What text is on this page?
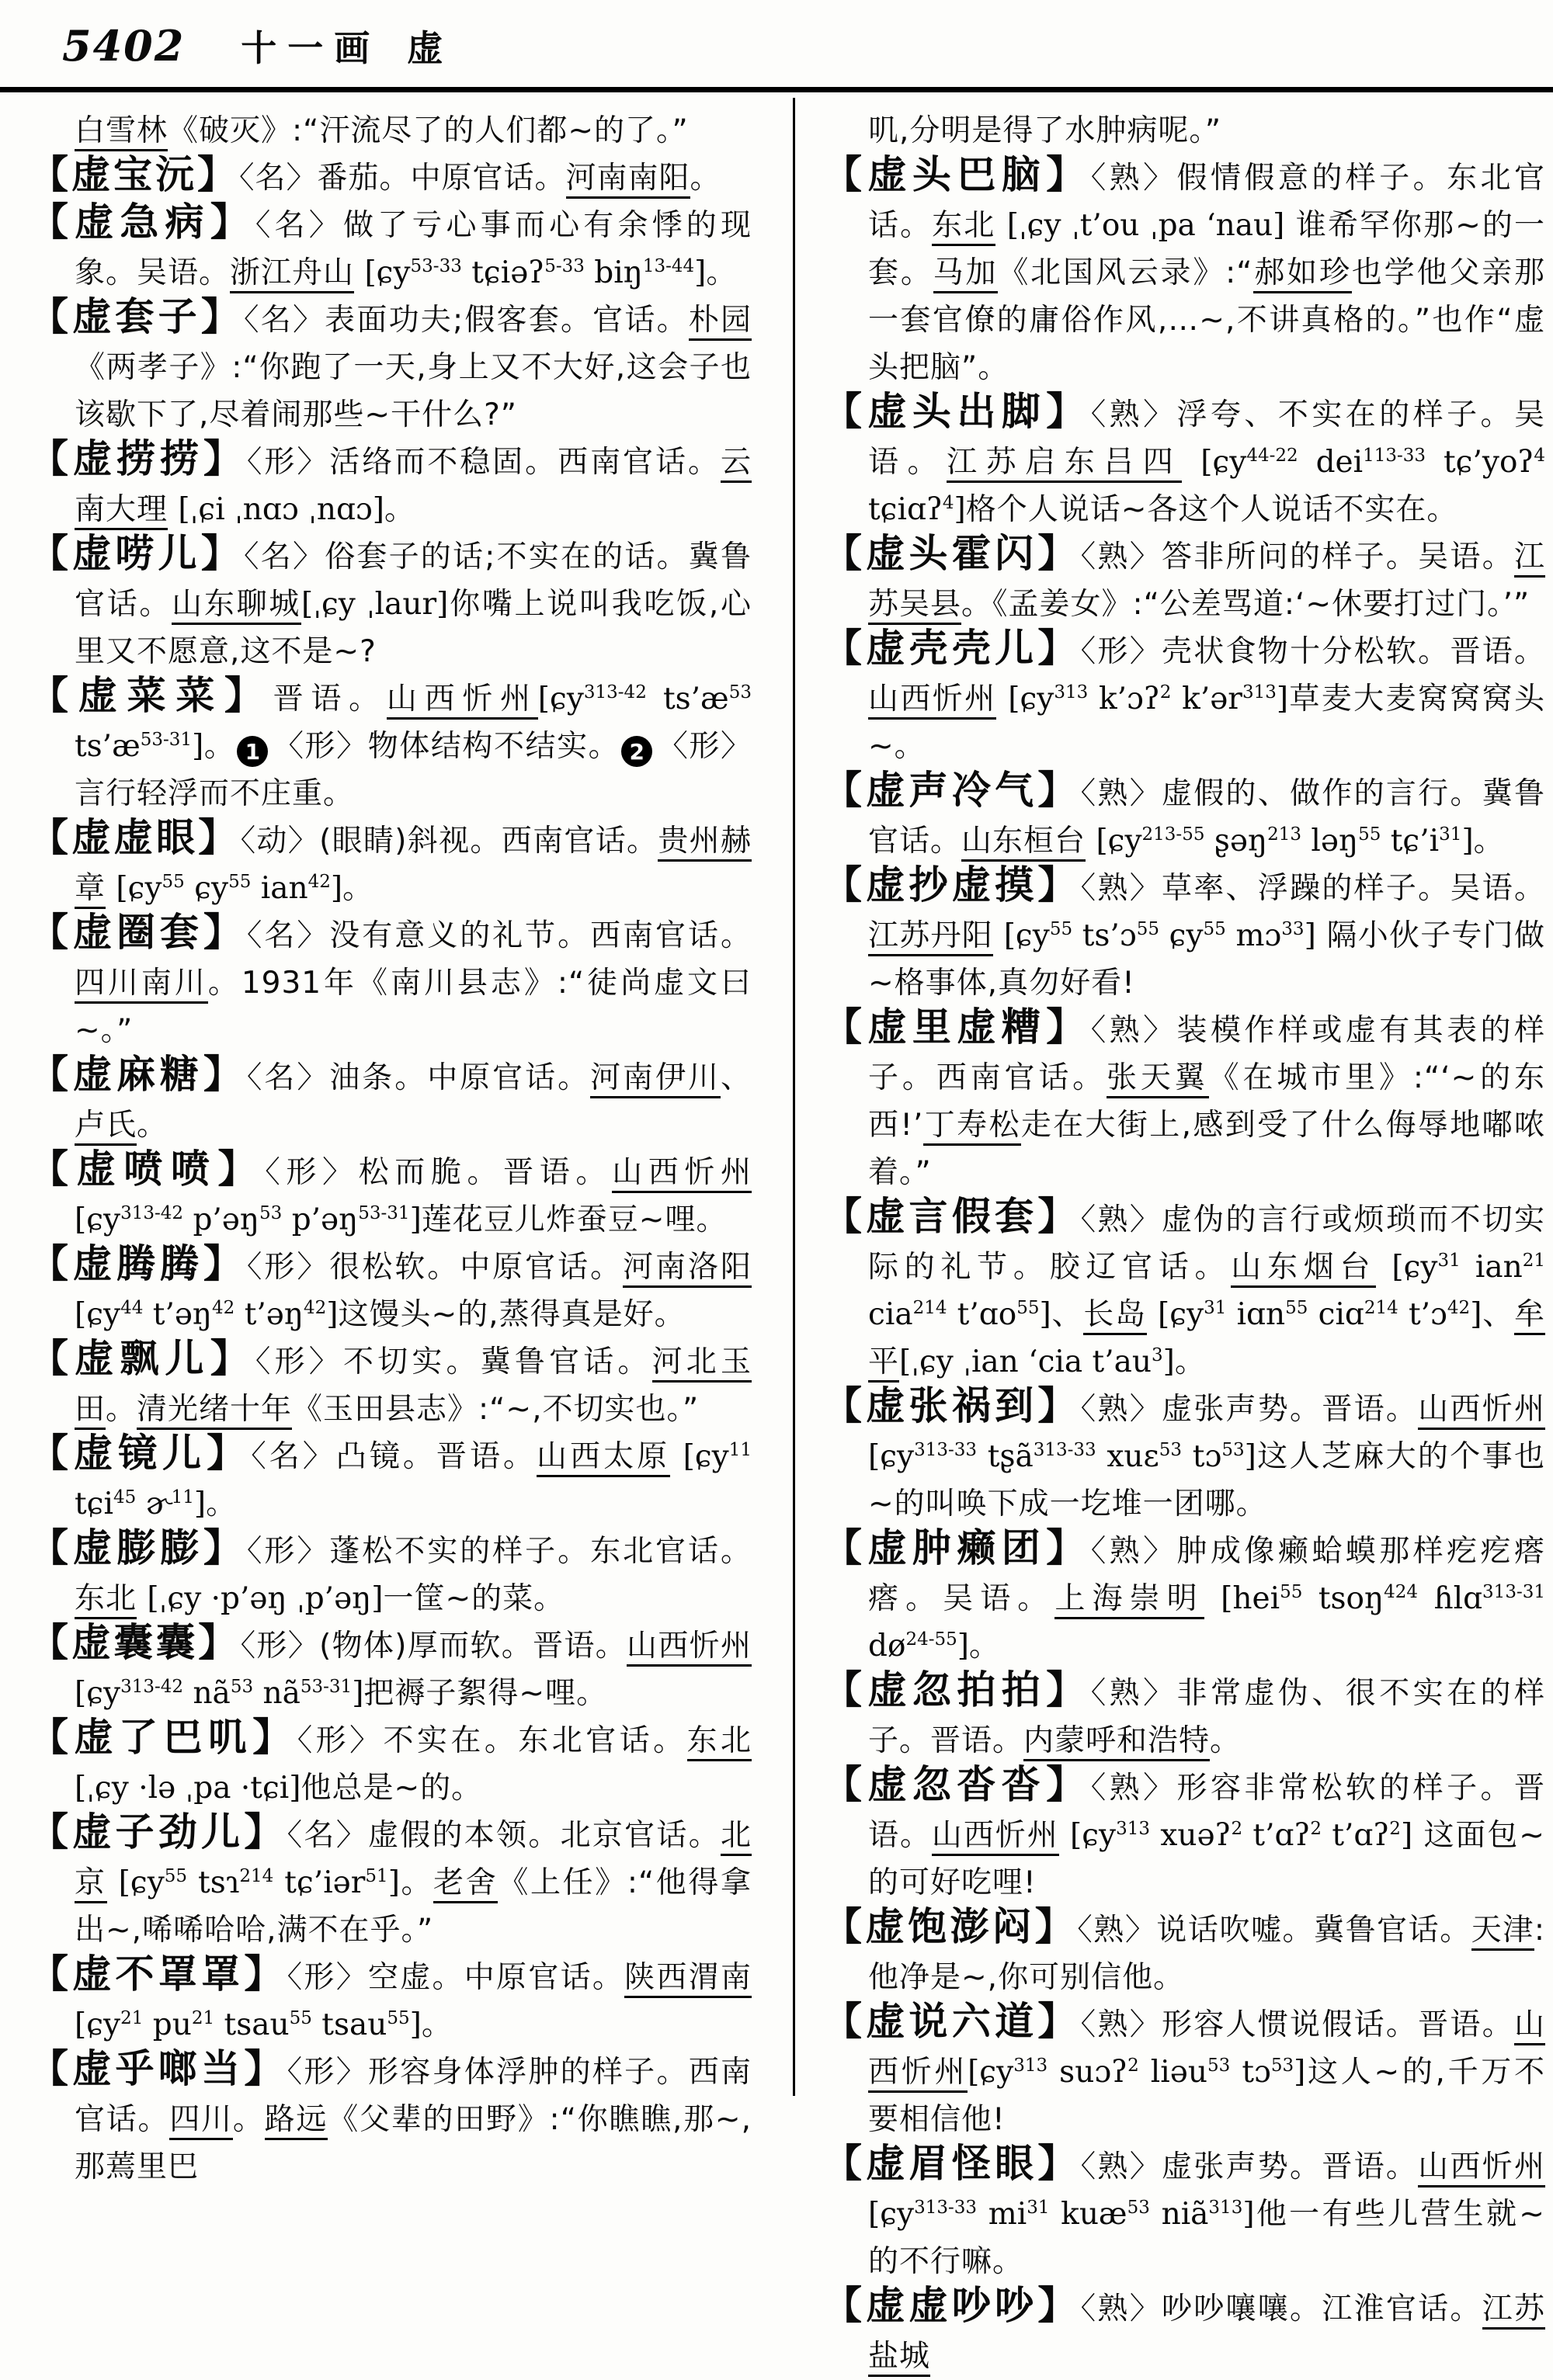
5402 十一画 虚
白雪林《破灭》:“汗流尽了的人们都~的了。”
【虚宝沅】〈名〉番茄。中原官话。河南南阳。
【虚急病】〈名〉做了亏心事而心有余悸的现象。吴语。浙江舟山 [ɕy$^{53-33}$ tɕiəʔ$^{5-33}$ biŋ$^{13-44}$]。
【虚套子】〈名〉表面功夫;假客套。官话。朴园《两孝子》:“你跑了一天,身上又不大好,这会子也该歇下了,尽着闹那些~干什么?”
【虚捞捞】〈形〉活络而不稳固。西南官话。云南大理 [ˌɕi ˌnɑɔ ˌnɑɔ]。
【虚唠儿】〈名〉俗套子的话;不实在的话。冀鲁官话。山东聊城[ˌɕy ˌlaur]你嘴上说叫我吃饭,心里又不愿意,这不是~?
【虚菜菜】晋语。山西忻州[ɕy$^{313-42}$ $ts’æ^{53}$ $ts’æ^{53-31}$]。 1 〈形〉物体结构不结实。 2 〈形〉言行轻浮而不庄重。
【虚虚眼】〈动〉(眼睛)斜视。西南官话。贵州赫章 [ɕy$^{55}$ ɕy$^{55}$ ian$^{42}$]。
【虚圈套】〈名〉没有意义的礼节。西南官话。四川南川。1931年《南川县志》:“徒尚虚文曰~。”
【虚麻糖】〈名〉油条。中原官话。河南伊川、卢氏。
【虚喷喷】〈形〉松而脆。晋语。山西忻州 [ɕy$^{313-42}$ p’əŋ$^{53}$ p’əŋ$^{53-31}$]莲花豆儿炸蚕豆~哩。
【虚腾腾】〈形〉很松软。中原官话。河南洛阳 [ɕy$^{44}$ t’əŋ$^{42}$ t’əŋ$^{42}$]这馒头~的,蒸得真是好。
【虚飘儿】〈形〉不切实。冀鲁官话。河北玉田。清光绪十年《玉田县志》:“~,不切实也。”
【虚镜儿】〈名〉凸镜。晋语。山西太原 [ɕy$^{11}$ tɕi$^{45}$ ɚ$^{11}$]。
【虚膨膨】〈形〉蓬松不实的样子。东北官话。东北 [ˌɕy ·p’əŋ ˌp’əŋ]一筐~的菜。
【虚囊囊】〈形〉(物体)厚而软。晋语。山西忻州 [ɕy$^{313-42}$ $nã^{53}$ $nã^{53-31}$]把褥子絮得~哩。
【虚了巴叽】〈形〉不实在。东北官话。东北 [ˌɕy ·lə ˌpa ·tɕi]他总是~的。
【虚子劲儿】〈名〉虚假的本领。北京官话。北京 [ɕy$^{55}$ tsɿ$^{214}$ tɕ’iər$^{51}$]。老舍《上任》:“他得拿出~,唏唏哈哈,满不在乎。”
【虚不罩罩】〈形〉空虚。中原官话。陕西渭南 [ɕy$^{21}$ $pu^{21}$ tsau$^{55}$ tsau$^{55}$]。
【虚乎啷当】〈形〉形容身体浮肿的样子。西南官话。四川。路远《父辈的田野》:“你瞧瞧,那~,那蔫里巴
叽,分明是得了水肿病呢。”
【虚头巴脑】〈熟〉假情假意的样子。东北官话。东北 [ˌɕy ˌt’ou ˌpa ʻnau] 谁希罕你那~的一套。马加《北国风云录》:“郝如珍也学他父亲那一套官僚的庸俗作风,…~,不讲真格的。”也作“虚头把脑”。
【虚头出脚】〈熟〉浮夸、不实在的样子。吴语。江苏启东吕四 [ɕy$^{44-22}$ dei$^{113-33}$ tɕ’yoʔ$^4$ tɕiɑʔ$^4$]格个人说话~各这个人说话不实在。
【虚头霍闪】〈熟〉答非所问的样子。吴语。江苏吴县。《孟姜女》:“公差骂道:‘~休要打过门。’”
【虚壳壳儿】〈形〉壳状食物十分松软。晋语。山西忻州 [ɕy$^{313}$ k’ɔʔ$^2$ k’ər$^{313}$]草麦大麦窝窝窝头~。
【虚声冷气】〈熟〉虚假的、做作的言行。冀鲁官话。山东桓台 [ɕy$^{213-55}$ ʂəŋ$^{213}$ ləŋ$^{55}$ $tɕ’i^{31}$]。
【虚抄虚摸】〈熟〉草率、浮躁的样子。吴语。江苏丹阳 [ɕy$^{55}$ ts’ɔ$^{55}$ ɕy$^{55}$ mɔ$^{33}$] 隔小伙子专门做~格事体,真勿好看!
【虚里虚糟】〈熟〉装模作样或虚有其表的样子。西南官话。张天翼《在城市里》:“‘~的东西!’丁寿松走在大街上,感到受了什么侮辱地嘟哝着。”
【虚言假套】〈熟〉虚伪的言行或烦琐而不切实际的礼节。胶辽官话。山东烟台 [ɕy$^{31}$ ian$^{21}$ cia$^{214}$ t’ɑo$^{55}$]、长岛 [ɕy$^{31}$ iɑn$^{55}$ ciɑ$^{214}$ t’ɔ$^{42}$]、牟平[ˌɕy ˌian ʻcia $t’au^3$]。
【虚张祸到】〈熟〉虚张声势。晋语。山西忻州[ɕy$^{313-33}$ tʂã$^{313-33}$ xuɛ$^{53}$ tɔ$^{53}$]这人芝麻大的个事也~的叫唤下成一圪堆一团哪。
【虚肿癞团】〈熟〉肿成像癞蛤蟆那样疙疙瘩瘩。吴语。上海崇明 [hei$^{55}$ tsoŋ$^{424}$ ɦlɑ$^{313-31}$ $dø^{24-55}$]。
【虚忽拍拍】〈熟〉非常虚伪、很不实在的样子。晋语。内蒙呼和浩特。
【虚忽沓沓】〈熟〉形容非常松软的样子。晋语。山西忻州 [ɕy$^{313}$ xuəʔ$^2$ t’ɑʔ$^2$ t’ɑʔ$^2$] 这面包~的可好吃哩!
【虚饱澎闷】〈熟〉说话吹嘘。冀鲁官话。天津:他净是~,你可别信他。
【虚说六道】〈熟〉形容人惯说假话。晋语。山西忻州[ɕy$^{313}$ suɔʔ$^2$ liəu$^{53}$ tɔ$^{53}$]这人~的,千万不要相信他!
【虚眉怪眼】〈熟〉虚张声势。晋语。山西忻州[ɕy$^{313-33}$ $mi^{31}$ kuæ$^{53}$ niã$^{313}$]他一有些儿营生就~的不行嘛。
【虚虚吵吵】〈熟〉吵吵嚷嚷。江淮官话。江苏盐城
